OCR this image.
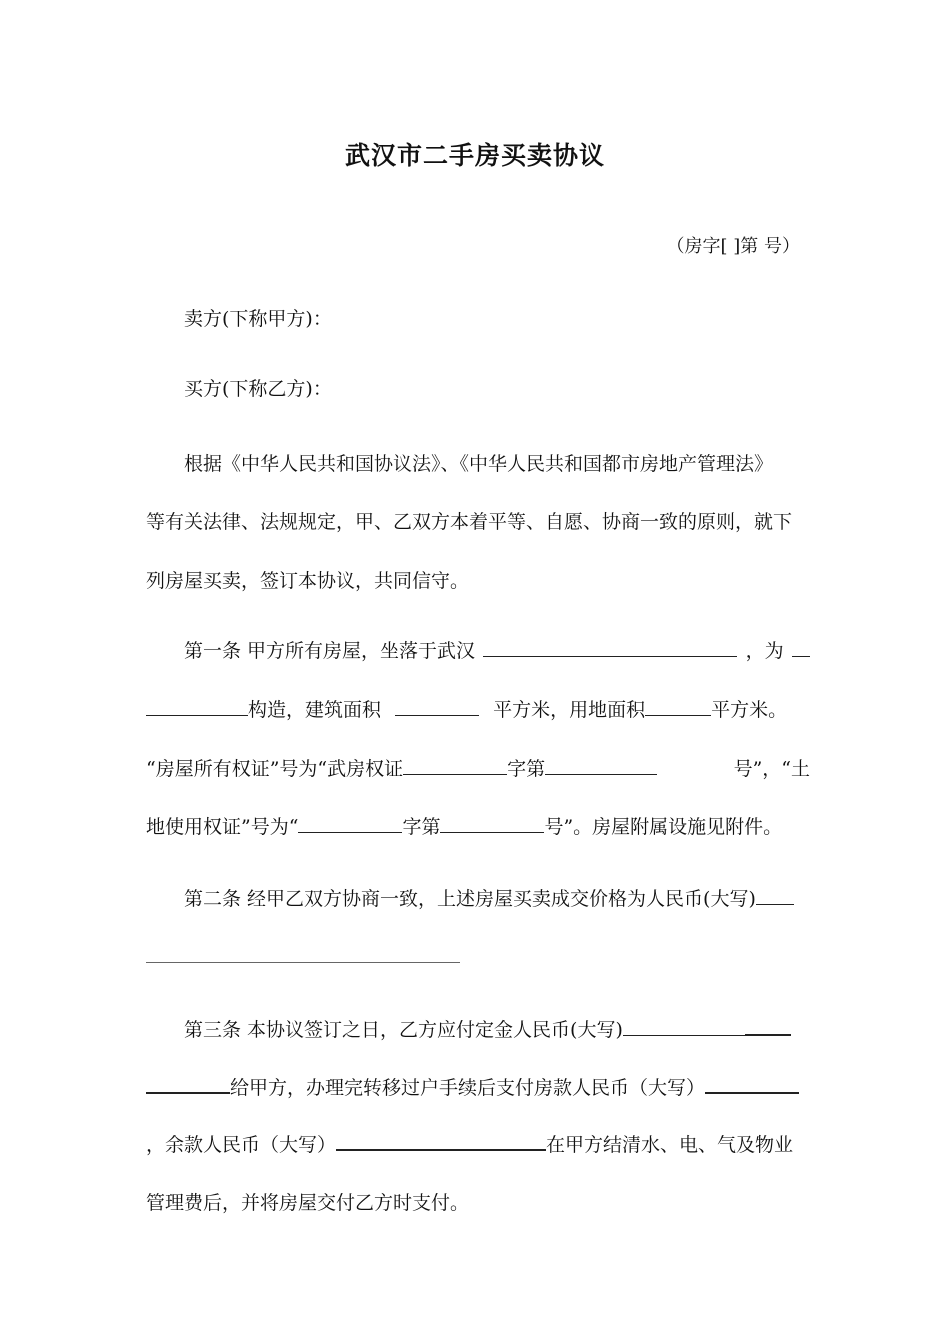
武汉市二手房买卖协议
（房字[ ]第 号）
卖方(下称甲方)：
买方(下称乙方)：
根据《中华人民共和国协议法》、《中华人民共和国都市房地产管理法》
等有关法律、法规规定，甲、乙双方本着平等、自愿、协商一致的原则，就下
列房屋买卖，签订本协议，共同信守。
第一条 甲方所有房屋，坐落于武汉	，为
构造，建筑面积	平方米，用地面积	平方米。
“房屋所有权证”号为“武房权证	字第	号”，“土
地使用权证”号为“	字第	号”。房屋附属设施见附件。
第二条 经甲乙双方协商一致，上述房屋买卖成交价格为人民币(大写)
第三条 本协议签订之日，乙方应付定金人民币(大写)
给甲方，办理完转移过户手续后支付房款人民币（大写）
，余款人民币（大写）	在甲方结清水、电、气及物业
管理费后，并将房屋交付乙方时支付。
